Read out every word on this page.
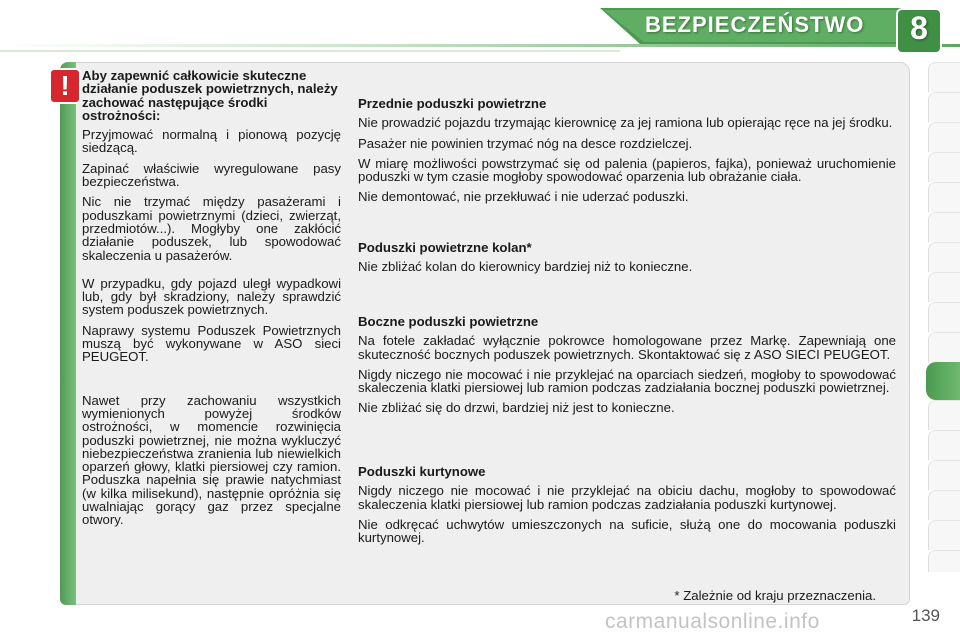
BEZPIECZEŃSTWO	8
! Aby zapewnić całkowicie skuteczne działanie poduszek powietrznych, należy zachować następujące środki ostrożności:

Przyjmować normalną i pionową pozycję siedzącą.

Zapinać właściwie wyregulowane pasy bezpieczeństwa.

Nic nie trzymać między pasażerami i poduszkami powietrznymi (dzieci, zwierząt, przedmiotów...). Mogłyby one zakłócić działanie poduszek, lub spowodować skaleczenia u pasażerów.

W przypadku, gdy pojazd uległ wypadkowi lub, gdy był skradziony, należy sprawdzić system poduszek powietrznych.

Naprawy systemu Poduszek Powietrznych muszą być wykonywane w ASO sieci PEUGEOT.

Nawet przy zachowaniu wszystkich wymienionych powyżej środków ostrożności, w momencie rozwinięcia poduszki powietrznej, nie można wykluczyć niebezpieczeństwa zranienia lub niewielkich oparzeń głowy, klatki piersiowej czy ramion. Poduszka napełnia się prawie natychmiast (w kilka milisekund), następnie opróżnia się uwalniając gorący gaz przez specjalne otwory.

Przednie poduszki powietrzne

Nie prowadzić pojazdu trzymając kierownicę za jej ramiona lub opierając ręce na jej środku.

Pasażer nie powinien trzymać nóg na desce rozdzielczej.

W miarę możliwości powstrzymać się od palenia (papieros, fajka), ponieważ uruchomienie poduszki w tym czasie mogłoby spowodować oparzenia lub obrażanie ciała.

Nie demontować, nie przekłuwać i nie uderzać poduszki.

Poduszki powietrzne kolan*

Nie zbliżać kolan do kierownicy bardziej niż to konieczne.

Boczne poduszki powietrzne

Na fotele zakładać wyłącznie pokrowce homologowane przez Markę. Zapewniają one skuteczność bocznych poduszek powietrznych. Skontaktować się z ASO SIECI PEUGEOT.

Nigdy niczego nie mocować i nie przyklejać na oparciach siedzeń, mogłoby to spowodować skaleczenia klatki piersiowej lub ramion podczas zadziałania bocznej poduszki powietrznej.

Nie zbliżać się do drzwi, bardziej niż jest to konieczne.

Poduszki kurtynowe

Nigdy niczego nie mocować i nie przyklejać na obiciu dachu, mogłoby to spowodować skaleczenia klatki piersiowej lub ramion podczas zadziałania poduszki kurtynowej.

Nie odkręcać uchwytów umieszczonych na suficie, służą one do mocowania poduszki kurtynowej.

* Zależnie od kraju przeznaczenia.
139
carmanualsonline.info
